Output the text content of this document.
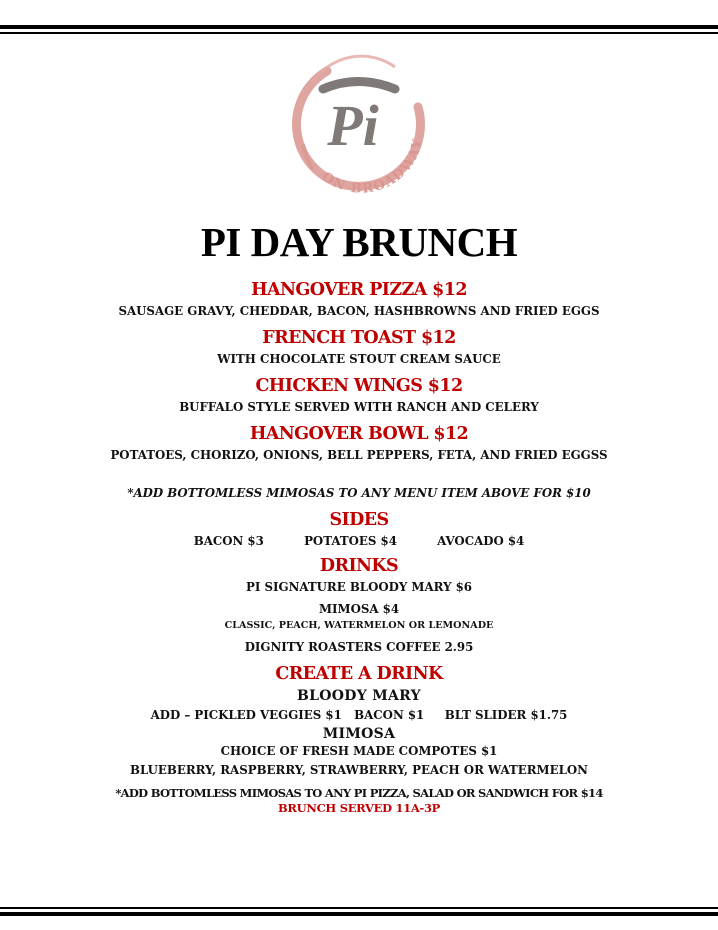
Pi
ON BROADWAY
PI DAY BRUNCH
HANGOVER PIZZA $12
SAUSAGE GRAVY, CHEDDAR, BACON, HASHBROWNS AND FRIED EGGS
FRENCH TOAST $12
WITH CHOCOLATE STOUT CREAM SAUCE
CHICKEN WINGS $12
BUFFALO STYLE SERVED WITH RANCH AND CELERY
HANGOVER BOWL $12
POTATOES, CHORIZO, ONIONS, BELL PEPPERS, FETA, AND FRIED EGGSS
*ADD BOTTOMLESS MIMOSAS TO ANY MENU ITEM ABOVE FOR $10
SIDES
BACON $3	POTATOES $4	AVOCADO $4
DRINKS
PI SIGNATURE BLOODY MARY $6
MIMOSA $4
CLASSIC, PEACH, WATERMELON OR LEMONADE
DIGNITY ROASTERS COFFEE 2.95
CREATE A DRINK
BLOODY MARY
ADD – PICKLED VEGGIES $1   BACON $1     BLT SLIDER $1.75
MIMOSA
CHOICE OF FRESH MADE COMPOTES $1
BLUEBERRY, RASPBERRY, STRAWBERRY, PEACH OR WATERMELON
*ADD BOTTOMLESS MIMOSAS TO ANY PI PIZZA, SALAD OR SANDWICH FOR $14
BRUNCH SERVED 11A-3P
